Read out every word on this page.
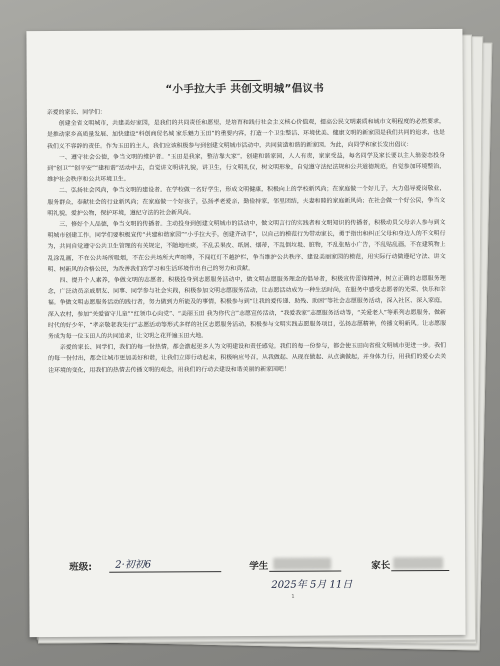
“小手拉大手 共创文明城”倡议书

亲爱的家长、同学们：

创建全省文明城市，共建美好家园，是我们的共同责任和愿望，是培育和践行社会主义核心价值观，提高公民文明素质和城市文明程度的必然要求，是推动家乡高质量发展、加快建设“科创商贸名城 家乐魅力玉田”的重要内容，打造一个卫生整洁、环境优美、健康文明的新家园是我们共同的追求，也是我们义不容辞的责任。作为玉田的主人，我们应该积极参与到创建文明城市活动中，共同营造和谐的新家园。为此，向同学和家长发出倡议：

一、遵守社会公德，争当文明的维护者。“玉田是我家，整洁靠大家”，创建和谐家园，人人有责，家家受益，每名同学及家长要以主人翁姿态投身到“创卫”“创平安”“建和谐”活动中去，自觉讲文明讲礼貌，讲卫生，行文明礼仪，树文明形象，自觉遵守法纪法规和公共道德规范，自觉参加环境整治，维护社会秩序和公共环境卫生。

二、弘扬社会风尚，争当文明的建设者。在学校做一名好学生，形成文明健康，积极向上的学校新风尚；在家庭做一个好儿子，大力倡导爱岗敬业，服务群众，奉献社会的行业新风尚；在家庭做一个好孩子，弘扬孝老爱亲，勤俭持家，邻里团结，夫妻和睦的家庭新风尚；在社会做一个好公民，争当文明礼貌，爱护公物，保护环境，遵纪守法的社会新风尚。

三、修好个人品德，争当文明的传播者。主动投身到创建文明城市的活动中，做文明言行的实践者和文明知识的传播者，积极动员父母亲人参与到文明城市创建工作。同学们要积极宣传“共建和谐家园”“小手拉大手，创建齐动手”，以自己的模范行为带动家长，勇于指出和纠正父母和身边人的不文明行为，共同自觉遵守公共卫生管理的有关规定，不随地吐痰，不乱丢果皮、纸屑、烟蒂，不乱倒垃圾、脏物，不乱张贴小广告，不乱贴乱画，不在建筑物上乱涂乱画，不在公共场所吸烟，不在公共场所大声喧哗，不闯红灯不越护栏，争当维护公共秩序、建设美丽家园的模范，用实际行动做遵纪守法、讲文明、树新风的合格公民，为改善我们的学习和生活环境作出自己的努力和贡献。

四、提升个人素养，争做文明的志愿者。积极投身到志愿服务活动中，做文明志愿服务理念的倡导者，积极宣传雷锋精神，树立正确的志愿服务理念，广泛动员亲戚朋友、同事、同学参与社会实践，积极参加文明志愿服务活动，让志愿活动成为一种生活时尚，在服务中感受志愿者的光荣、快乐和幸福。争做文明志愿服务活动的践行者，努力做到力所能及的事情，积极参与到“让我的爱传递、助残、助困”等社会志愿服务活动，深入社区、深入家庭，深入农村，参加“关爱留守儿童”“红领巾心向党”、“美丽玉田 我为你代言”志愿宣传活动，“我爱我家”志愿服务活动等，“关爱老人”等系列志愿服务，做新时代的好少年，“孝亲敬老我先行”志愿活动等形式多样的社区志愿服务活动，积极参与文明实践志愿服务项目，弘扬志愿精神，传播文明新风。让志愿服务成为每一位玉田人的共同追求，让文明之花开遍玉田大地。

亲爱的家长、同学们，我们的每一份热情，都会激起更多人为文明建设和责任感觉。我们的每一份参与，都会使玉田向省级文明城市更进一步。我们的每一份付出，都会让城市更加美好和谐，让我们立即行动起来，积极响应号召，从我做起、从现在做起、从点滴做起，并身体力行，用我们的爱心去关注环境的变化，用我们的热情去传播文明的观念，用我们的行动去建设和谐美丽的新家园吧！

班级: 2·初初6	学生	家长
2025年 5月 11日
1
